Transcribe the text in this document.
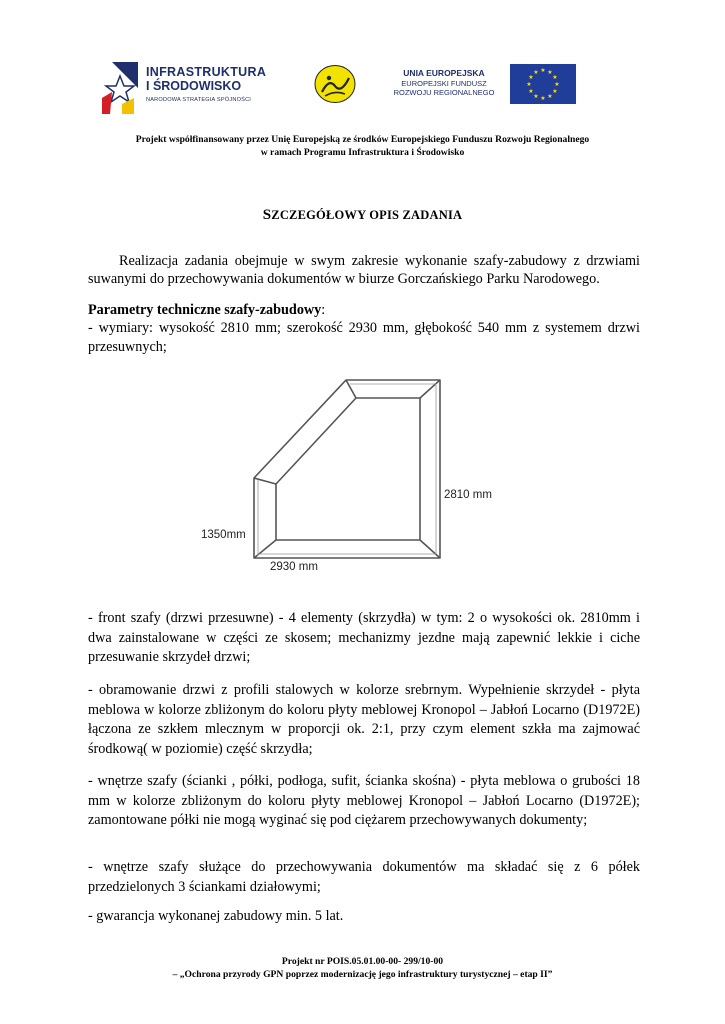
INFRASTRUKTURA
I ŚRODOWISKO
NARODOWA STRATEGIA SPÓJNOŚCI
UNIA EUROPEJSKA
EUROPEJSKI FUNDUSZ
ROZWOJU REGIONALNEGO
★ ★
★
★
★
★
★
★
★
★
★
★
Projekt współfinansowany przez Unię Europejską ze środków Europejskiego Funduszu Rozwoju Regionalnego
w ramach Programu Infrastruktura i Środowisko
SZCZEGÓŁOWY OPIS ZADANIA
Realizacja zadania obejmuje w swym zakresie wykonanie szafy-zabudowy z drzwiami suwanymi do przechowywania dokumentów w biurze Gorczańskiego Parku Narodowego.
Parametry techniczne szafy-zabudowy:
- wymiary: wysokość 2810 mm; szerokość 2930 mm, głębokość 540 mm z systemem drzwi przesuwnych;
2810 mm
1350mm
2930 mm
- front szafy (drzwi przesuwne) - 4 elementy (skrzydła) w tym: 2 o wysokości ok. 2810mm i dwa zainstalowane w części ze skosem; mechanizmy jezdne mają zapewnić lekkie i ciche przesuwanie skrzydeł drzwi;
- obramowanie drzwi z profili stalowych w kolorze srebrnym. Wypełnienie skrzydeł - płyta meblowa w kolorze zbliżonym do koloru płyty meblowej Kronopol – Jabłoń Locarno (D1972E) łączona ze szkłem mlecznym w proporcji ok. 2:1, przy czym element szkła ma zajmować środkową( w poziomie) część skrzydła;
- wnętrze szafy (ścianki , półki, podłoga, sufit, ścianka skośna) - płyta meblowa o grubości 18 mm w kolorze zbliżonym do koloru płyty meblowej Kronopol – Jabłoń Locarno (D1972E); zamontowane półki nie mogą wyginać się pod ciężarem przechowywanych dokumenty;
- wnętrze szafy służące do przechowywania dokumentów ma składać się z 6 półek przedzielonych 3 ściankami działowymi;
- gwarancja wykonanej zabudowy min. 5 lat.
Projekt nr POIS.05.01.00-00- 299/10-00
– „Ochrona przyrody GPN poprzez modernizację jego infrastruktury turystycznej – etap II”
